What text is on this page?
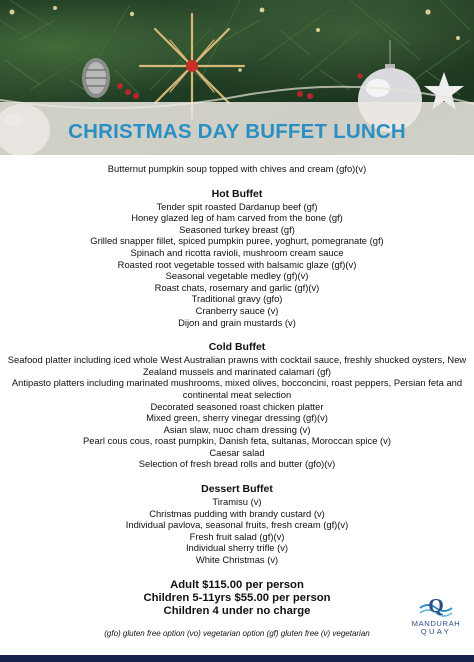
CHRISTMAS DAY BUFFET LUNCH
Butternut pumpkin soup topped with chives and cream (gfo)(v)
Hot Buffet
Tender spit roasted Dardanup beef (gf)
Honey glazed leg of ham carved from the bone (gf)
Seasoned turkey breast (gf)
Grilled snapper fillet, spiced pumpkin puree, yoghurt, pomegranate (gf)
Spinach and ricotta ravioli, mushroom cream sauce
Roasted root vegetable tossed with balsamic glaze (gf)(v)
Seasonal vegetable medley (gf)(v)
Roast chats, rosemary and garlic (gf)(v)
Traditional gravy (gfo)
Cranberry sauce (v)
Dijon and grain mustards (v)
Cold Buffet
Seafood platter including iced whole West Australian prawns with cocktail sauce, freshly shucked oysters, New Zealand mussels and marinated calamari (gf)
Antipasto platters including marinated mushrooms, mixed olives, bocconcini, roast peppers, Persian feta and continental meat selection
Decorated seasoned roast chicken platter
Mixed green, sherry vinegar dressing (gf)(v)
Asian slaw, nuoc cham dressing (v)
Pearl cous cous, roast pumpkin, Danish feta, sultanas, Moroccan spice (v)
Caesar salad
Selection of fresh bread rolls and butter (gfo)(v)
Dessert Buffet
Tiramisu (v)
Christmas pudding with brandy custard (v)
Individual pavlova, seasonal fruits, fresh cream (gf)(v)
Fresh fruit salad (gf)(v)
Individual sherry trifle (v)
White Christmas (v)
Adult $115.00 per person
Children 5-11yrs $55.00 per person
Children 4 under no charge
(gfo) gluten free option (vo) vegetarian option (gf) gluten free (v) vegetarian
Q
MANDURAH
QUAY
